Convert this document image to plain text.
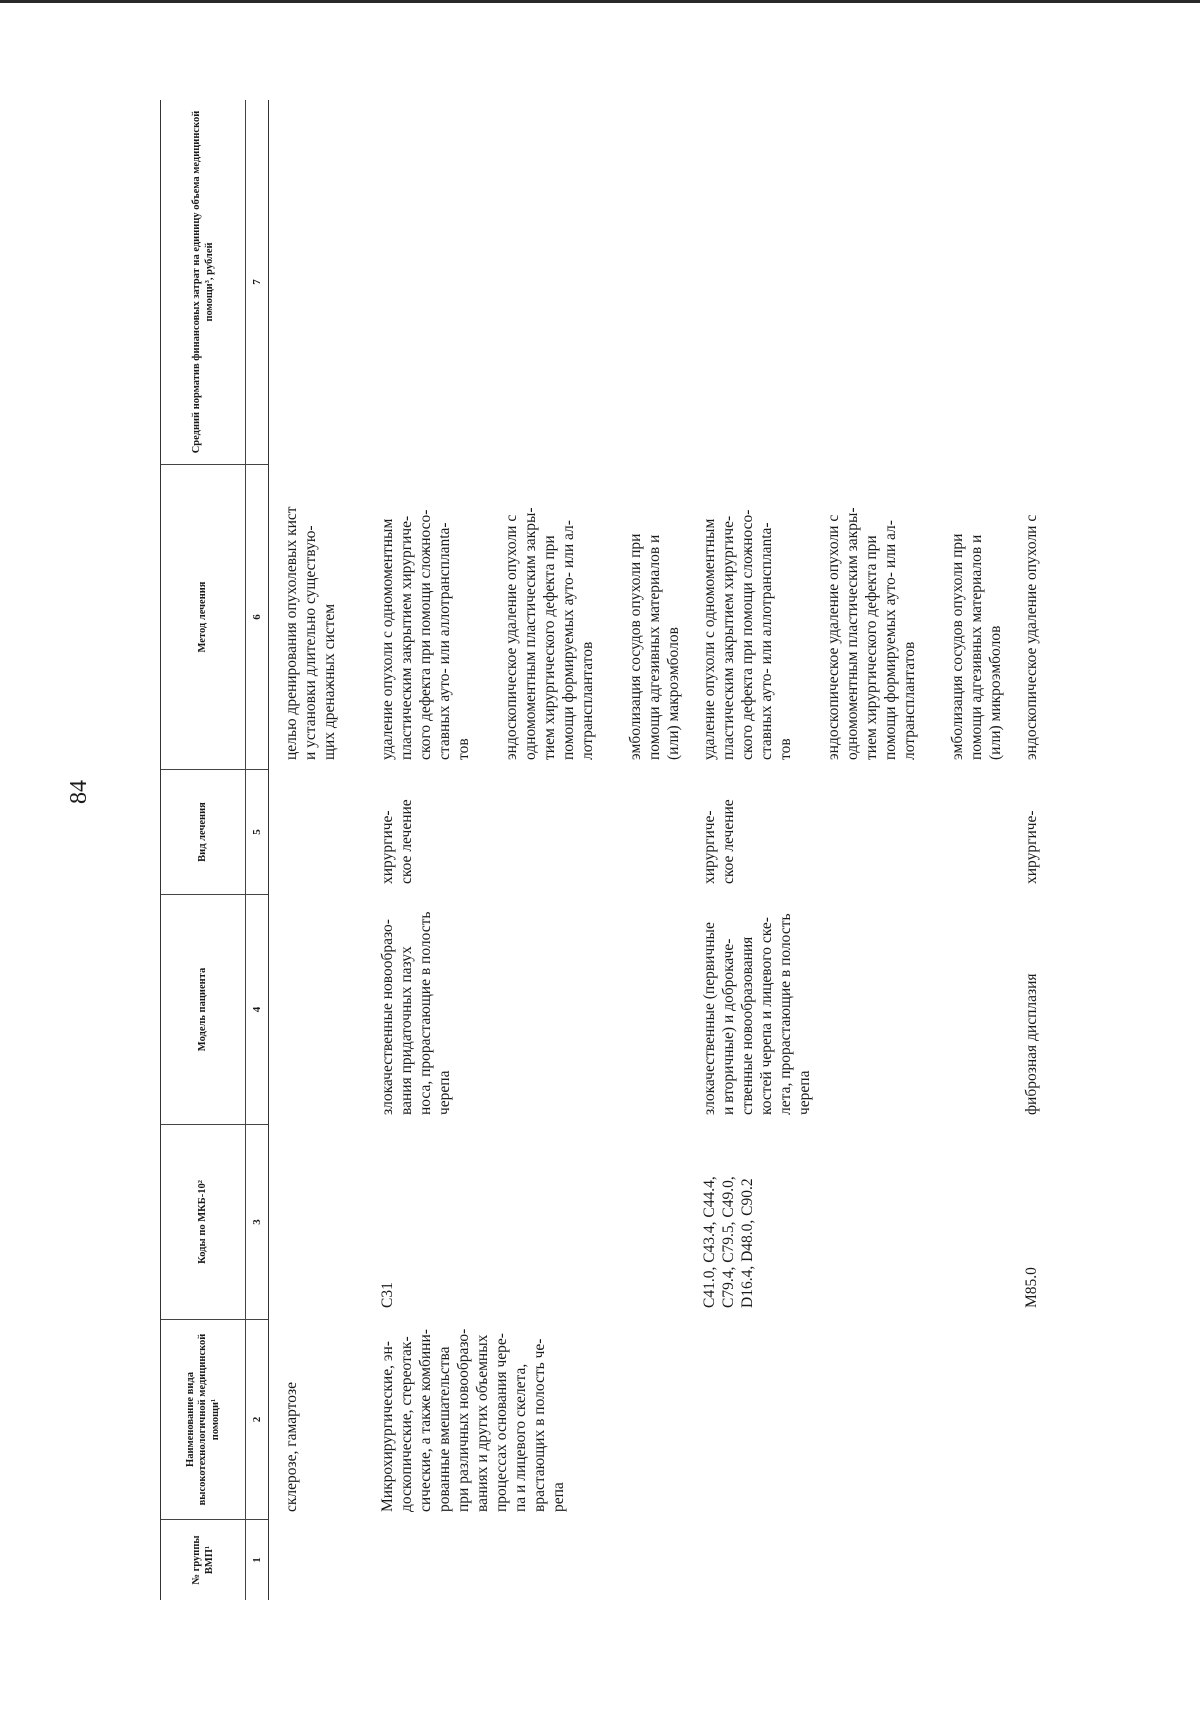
84
№ группы ВМП¹
Наименование вида высокотехнологичной медицинской помощи¹
Коды по МКБ-10²
Модель пациента
Вид лечения
Метод лечения
Средний норматив финансовых затрат на единицу объема медицинской помощи³, рублей
1
2
3
4
5
6
7

склерозе, гамартозе

целью дренирования опухолевых кист
и установки длительно существую-
щих дренажных систем

Микрохирургические, эн-
доскопические, стереотак-
сические, а также комбини-
рованные вмешательства
при различных новообразо-
ваниях и других объемных
процессах основания чере-
па и лицевого скелета,
врастающих в полость че-
репа

C31

злокачественные новообразо-
вания придаточных пазух
носа, прорастающие в полость
черепа

хирургиче-
ское лечение

удаление опухоли с одномоментным
пластическим закрытием хирургиче-
ского дефекта при помощи сложносо-
ставных ауто- или аллотрансплanta-
тов эндоскопическое удаление опухоли с
одномоментным пластическим закры-
тием хирургического дефекта при
помощи формируемых ауто- или ал-
лотрансплантатов эмболизация сосудов опухоли при
помощи адгезивных материалов и
(или) макроэмболов

C41.0, C43.4, C44.4,
C79.4, C79.5, C49.0,
D16.4, D48.0, C90.2

злокачественные (первичные
и вторичные) и доброкаче-
ственные новообразования
костей черепа и лицевого ске-
лета, прорастающие в полость
черепа

хирургиче-
ское лечение

удаление опухоли с одномоментным
пластическим закрытием хирургиче-
ского дефекта при помощи сложносо-
ставных ауто- или аллотрансплanta-
тов эндоскопическое удаление опухоли с
одномоментным пластическим закры-
тием хирургического дефекта при
помощи формируемых ауто- или ал-
лотрансплантатов эмболизация сосудов опухоли при
помощи адгезивных материалов и
(или) микроэмболов

M85.0

фиброзная дисплазия

хирургиче-

эндоскопическое удаление опухоли с
